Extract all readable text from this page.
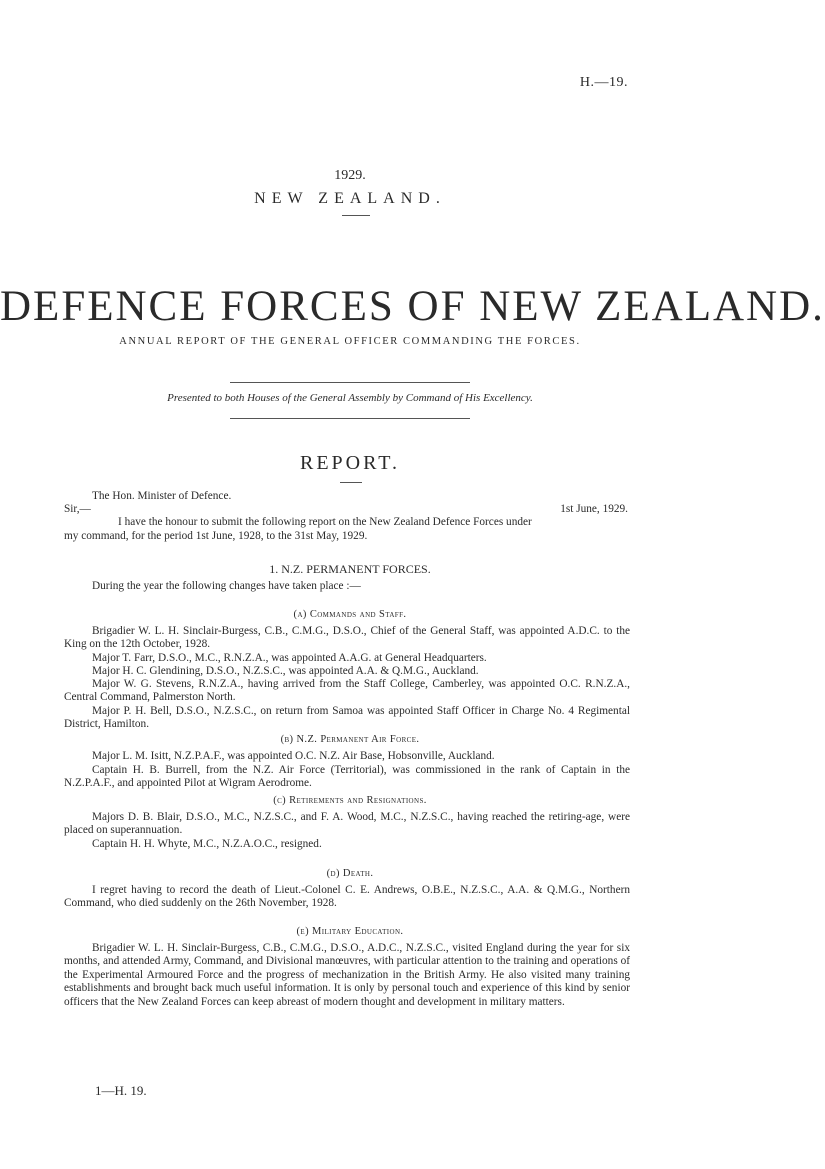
H.—19.
1929.
NEW ZEALAND.
DEFENCE FORCES OF NEW ZEALAND.
ANNUAL REPORT OF THE GENERAL OFFICER COMMANDING THE FORCES.
Presented to both Houses of the General Assembly by Command of His Excellency.
REPORT.
The Hon. Minister of Defence.
Sir,—	1st June, 1929.
I have the honour to submit the following report on the New Zealand Defence Forces under
my command, for the period 1st June, 1928, to the 31st May, 1929.
1. N.Z. PERMANENT FORCES.
During the year the following changes have taken place :—
(a) Commands and Staff.
Brigadier W. L. H. Sinclair-Burgess, C.B., C.M.G., D.S.O., Chief of the General Staff, was appointed A.D.C. to the King on the 12th October, 1928.
Major T. Farr, D.S.O., M.C., R.N.Z.A., was appointed A.A.G. at General Headquarters.
Major H. C. Glendining, D.S.O., N.Z.S.C., was appointed A.A. & Q.M.G., Auckland.
Major W. G. Stevens, R.N.Z.A., having arrived from the Staff College, Camberley, was appointed O.C. R.N.Z.A., Central Command, Palmerston North.
Major P. H. Bell, D.S.O., N.Z.S.C., on return from Samoa was appointed Staff Officer in Charge No. 4 Regimental District, Hamilton.
(b) N.Z. Permanent Air Force.
Major L. M. Isitt, N.Z.P.A.F., was appointed O.C. N.Z. Air Base, Hobsonville, Auckland.
Captain H. B. Burrell, from the N.Z. Air Force (Territorial), was commissioned in the rank of Captain in the N.Z.P.A.F., and appointed Pilot at Wigram Aerodrome.
(c) Retirements and Resignations.
Majors D. B. Blair, D.S.O., M.C., N.Z.S.C., and F. A. Wood, M.C., N.Z.S.C., having reached the retiring-age, were placed on superannuation.
Captain H. H. Whyte, M.C., N.Z.A.O.C., resigned.
(d) Death.
I regret having to record the death of Lieut.-Colonel C. E. Andrews, O.B.E., N.Z.S.C., A.A. & Q.M.G., Northern Command, who died suddenly on the 26th November, 1928.
(e) Military Education.
Brigadier W. L. H. Sinclair-Burgess, C.B., C.M.G., D.S.O., A.D.C., N.Z.S.C., visited England during the year for six months, and attended Army, Command, and Divisional manœuvres, with particular attention to the training and operations of the Experimental Armoured Force and the progress of mechanization in the British Army. He also visited many training establishments and brought back much useful information. It is only by personal touch and experience of this kind by senior officers that the New Zealand Forces can keep abreast of modern thought and development in military matters.
1—H. 19.
